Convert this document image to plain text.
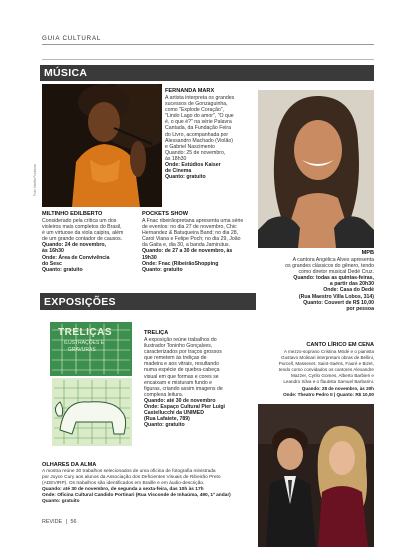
GUIA CULTURAL
MÚSICA
Foto: Marilia Fukimura
FERNANDA MARX
A artista interpreta os grandes
sucessos de Gonzaguinha,
como "Explode Coração",
"Lindo Lago do amor", "O que
é, o que é?" na série Palavra
Cantada, da Fundação Feira
do Livro, acompanhada por
Alessandro Machado (Violão)
e Gabriel Nascimento
Quando: 25 de novembro,
às 18h30
Onde: Estúdios Kaiser
de Cinema
Quanto: gratuito
MPB
A cantora Angélica Alves apresenta
os grandes clássicos do gênero, tendo
como diretor musical Dedé Cruz.
Quando: todas as quintas-feiras,
a partir das 20h30
Onde: Casa do Dedé
(Rua Maestro Villa Lobos, 314)
Quanto: Couvert de R$ 10,00
por pessoa
MILTINHO EDILBERTO
Considerado pela crítica um dos
violeiros mais completos do Brasil,
é um virtuose da viola caipira, além
de um grande contador de causos.
Quando: 24 de novembro,
às 16h30
Onde: Área de Convivência
do Sesc
Quanto: gratuito
POCKETS SHOW
A Fnac ribeirãopretana apresenta uma série
de eventos: no dia 27 de novembro, Chic
Hernandez & Batuqueira Band; no dia 28,
Carol Viana e Felipe Poch; no dia 29, João
da Gaita e, dia 30, a banda Jamirutus.
Quando: de 27 a 30 de novembro, às
19h30
Onde: Fnac (RibeirãoShopping
Quanto: gratuito
EXPOSIÇÕES
TRELIÇAS
ILUSTRAÇÕES E
GRAVURAS
TRELIÇA
A exposição reúne trabalhos do
ilustrador Toninho Gonçalves,
caracterizados por traços grossos
que remetem às treliças de
madeira e aos vitrais, resultando
numa espécie de quebra-cabeça
visual em que formas e cores se
encaixam e misturam fundo e
figuras, criando assim imagens de
complexa leitura.
Quando: até 30 de novembro
Onde: Espaço Cultural Pier Luigi
Castellucchi da UNIMED
(Rua Lafaiete, 789)
Quanto: gratuito
CANTO LÍRICO EM CENA
A mezzo-soprano Cristina Mödé e o pianista
Gustavo Molinari interpretam obras de Bellini,
Purcell, Massenet, Saint-Saëns, Fauré e Bizet,
tendo como convidados os cantores Alexandre
Mazzer, Cyrilo Gomes, Alberto Barbieri e
Leandro Silva e o flautista Samuel Barbarini.
Quando: 28 de novembro, às 20h
Onde: Theatro Pedro II | Quanto: R$ 10,00
OLHARES DA ALMA
A mostra reúne 30 trabalhos selecionados de uma oficina de fotografia ministrada
por Joyce Cury aos alunos da Associação dos Deficientes Visuais de Ribeirão Preto
(ADEVIRP). Os trabalhos são identificados em Braille e em áudio-descrição.
Quando: até 30 de novembro, de segunda a sexta-feira, das 10h às 17h
Onde: Oficina Cultural Candido Portinari (Rua Visconde de Inhaúma, 490, 1º andar)
Quanto: gratuito
REVIDE | 56
